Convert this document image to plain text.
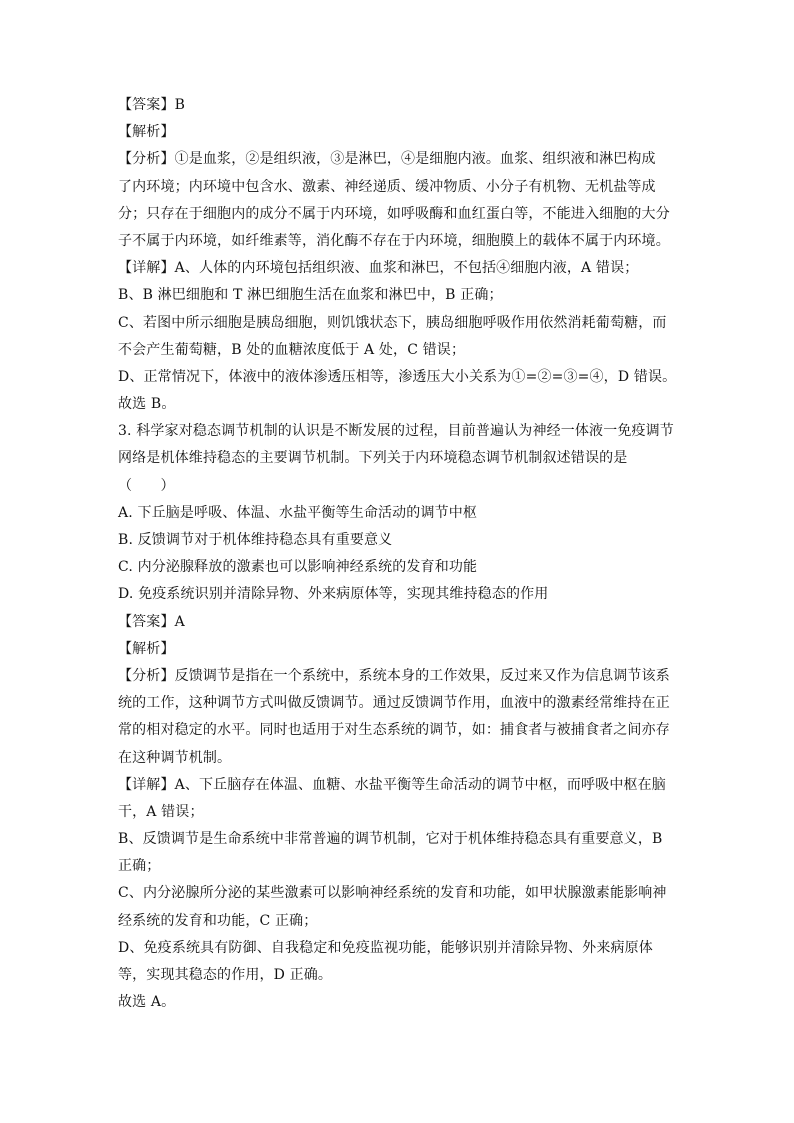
【答案】B
【解析】
【分析】①是血浆，②是组织液，③是淋巴，④是细胞内液。血浆、组织液和淋巴构成
了内环境；内环境中包含水、激素、神经递质、缓冲物质、小分子有机物、无机盐等成
分；只存在于细胞内的成分不属于内环境，如呼吸酶和血红蛋白等，不能进入细胞的大分
子不属于内环境，如纤维素等，消化酶不存在于内环境，细胞膜上的载体不属于内环境。
【详解】A、人体的内环境包括组织液、血浆和淋巴，不包括④细胞内液，A 错误；
B、B 淋巴细胞和 T 淋巴细胞生活在血浆和淋巴中，B 正确；
C、若图中所示细胞是胰岛细胞，则饥饿状态下，胰岛细胞呼吸作用依然消耗葡萄糖，而
不会产生葡萄糖，B 处的血糖浓度低于 A 处，C 错误；
D、正常情况下，体液中的液体渗透压相等，渗透压大小关系为①=②=③=④，D 错误。
故选 B。
3. 科学家对稳态调节机制的认识是不断发展的过程，目前普遍认为神经一体液一免疫调节
网络是机体维持稳态的主要调节机制。下列关于内环境稳态调节机制叙述错误的是
（　　）
A. 下丘脑是呼吸、体温、水盐平衡等生命活动的调节中枢
B. 反馈调节对于机体维持稳态具有重要意义
C. 内分泌腺释放的激素也可以影响神经系统的发育和功能
D. 免疫系统识别并清除异物、外来病原体等，实现其维持稳态的作用
【答案】A
【解析】
【分析】反馈调节是指在一个系统中，系统本身的工作效果，反过来又作为信息调节该系
统的工作，这种调节方式叫做反馈调节。通过反馈调节作用，血液中的激素经常维持在正
常的相对稳定的水平。同时也适用于对生态系统的调节，如：捕食者与被捕食者之间亦存
在这种调节机制。
【详解】A、下丘脑存在体温、血糖、水盐平衡等生命活动的调节中枢，而呼吸中枢在脑
干，A 错误；
B、反馈调节是生命系统中非常普遍的调节机制，它对于机体维持稳态具有重要意义，B
正确；
C、内分泌腺所分泌的某些激素可以影响神经系统的发育和功能，如甲状腺激素能影响神
经系统的发育和功能，C 正确；
D、免疫系统具有防御、自我稳定和免疫监视功能，能够识别并清除异物、外来病原体
等，实现其稳态的作用，D 正确。
故选 A。
